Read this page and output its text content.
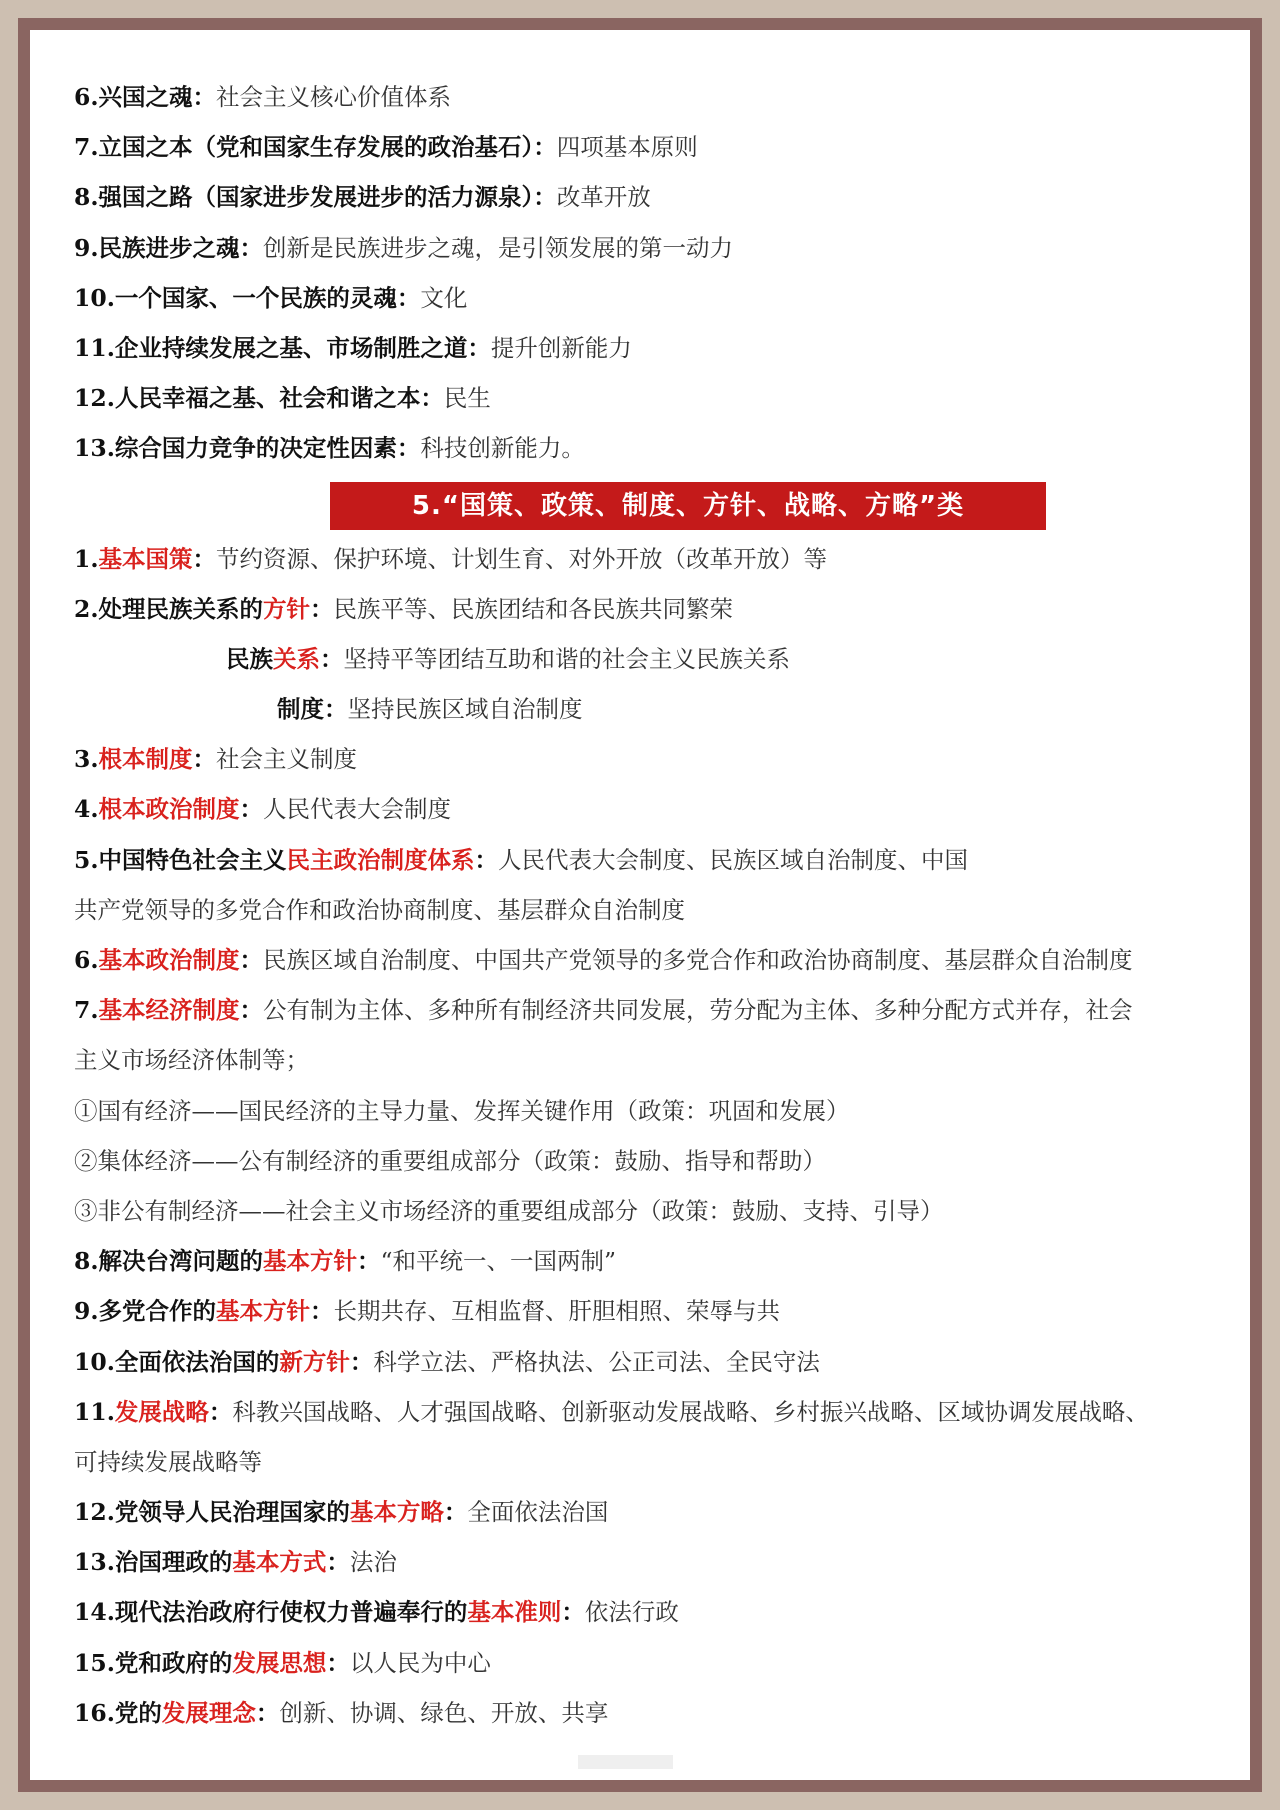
6.兴国之魂：社会主义核心价值体系
7.立国之本（党和国家生存发展的政治基石）：四项基本原则
8.强国之路（国家进步发展进步的活力源泉）：改革开放
9.民族进步之魂：创新是民族进步之魂，是引领发展的第一动力
10.一个国家、一个民族的灵魂：文化
11.企业持续发展之基、市场制胜之道：提升创新能力
12.人民幸福之基、社会和谐之本：民生
13.综合国力竞争的决定性因素：科技创新能力。
5.“国策、政策、制度、方针、战略、方略”类
1.基本国策：节约资源、保护环境、计划生育、对外开放（改革开放）等
2.处理民族关系的方针：民族平等、民族团结和各民族共同繁荣
民族关系：坚持平等团结互助和谐的社会主义民族关系
制度：坚持民族区域自治制度
3.根本制度：社会主义制度
4.根本政治制度：人民代表大会制度
5.中国特色社会主义民主政治制度体系：人民代表大会制度、民族区域自治制度、中国
共产党领导的多党合作和政治协商制度、基层群众自治制度
6.基本政治制度：民族区域自治制度、中国共产党领导的多党合作和政治协商制度、基层群众自治制度
7.基本经济制度：公有制为主体、多种所有制经济共同发展，劳分配为主体、多种分配方式并存，社会
主义市场经济体制等；
①国有经济——国民经济的主导力量、发挥关键作用（政策：巩固和发展）
②集体经济——公有制经济的重要组成部分（政策：鼓励、指导和帮助）
③非公有制经济——社会主义市场经济的重要组成部分（政策：鼓励、支持、引导）
8.解决台湾问题的基本方针：“和平统一、一国两制”
9.多党合作的基本方针：长期共存、互相监督、肝胆相照、荣辱与共
10.全面依法治国的新方针：科学立法、严格执法、公正司法、全民守法
11.发展战略：科教兴国战略、人才强国战略、创新驱动发展战略、乡村振兴战略、区域协调发展战略、
可持续发展战略等
12.党领导人民治理国家的基本方略：全面依法治国
13.治国理政的基本方式：法治
14.现代法治政府行使权力普遍奉行的基本准则：依法行政
15.党和政府的发展思想：以人民为中心
16.党的发展理念：创新、协调、绿色、开放、共享
